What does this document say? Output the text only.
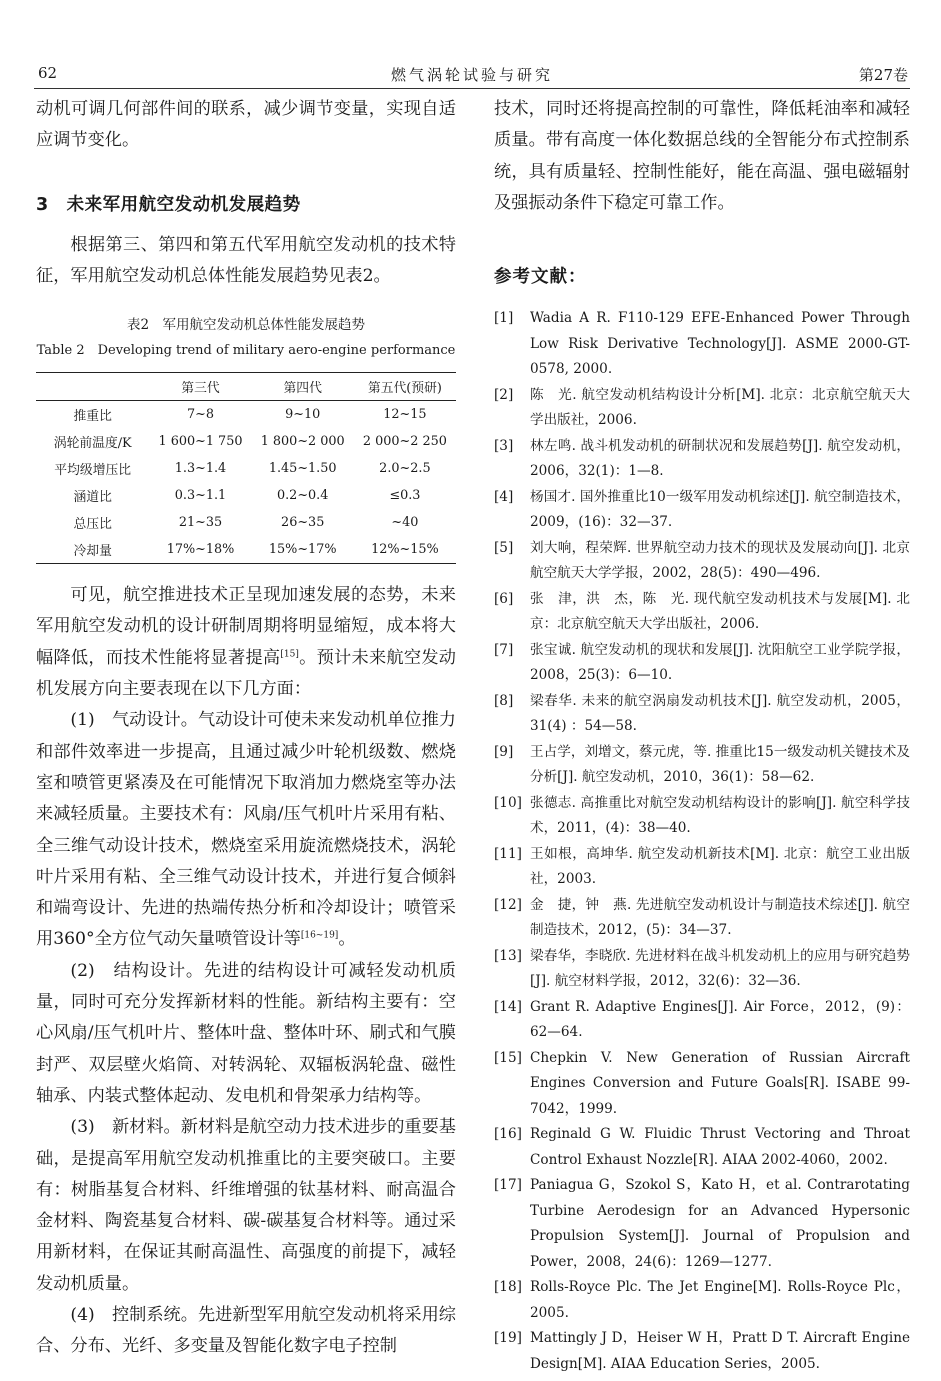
62	燃气涡轮试验与研究	第27卷

动机可调几何部件间的联系，减少调节变量，实现自适应调节变化。

3　未来军用航空发动机发展趋势

根据第三、第四和第五代军用航空发动机的技术特征，军用航空发动机总体性能发展趋势见表2。

表2　军用航空发动机总体性能发展趋势
Table 2　Developing trend of military aero-engine performance
	第三代	第四代	第五代(预研)
推重比	7~8	9~10	12~15
涡轮前温度/K	1 600~1 750	1 800~2 000	2 000~2 250
平均级增压比	1.3~1.4	1.45~1.50	2.0~2.5
涵道比	0.3~1.1	0.2~0.4	≤0.3
总压比	21~35	26~35	~40
冷却量	17%~18%	15%~17%	12%~15%

可见，航空推进技术正呈现加速发展的态势，未来军用航空发动机的设计研制周期将明显缩短，成本将大幅降低，而技术性能将显著提高[15]。预计未来航空发动机发展方向主要表现在以下几方面：

(1)　气动设计。气动设计可使未来发动机单位推力和部件效率进一步提高，且通过减少叶轮机级数、燃烧室和喷管更紧凑及在可能情况下取消加力燃烧室等办法来减轻质量。主要技术有：风扇/压气机叶片采用有粘、全三维气动设计技术，燃烧室采用旋流燃烧技术，涡轮叶片采用有粘、全三维气动设计技术，并进行复合倾斜和端弯设计、先进的热端传热分析和冷却设计；喷管采用360°全方位气动矢量喷管设计等[16~19]。

(2)　结构设计。先进的结构设计可减轻发动机质量，同时可充分发挥新材料的性能。新结构主要有：空心风扇/压气机叶片、整体叶盘、整体叶环、刷式和气膜封严、双层壁火焰筒、对转涡轮、双辐板涡轮盘、磁性轴承、内装式整体起动、发电机和骨架承力结构等。

(3)　新材料。新材料是航空动力技术进步的重要基础，是提高军用航空发动机推重比的主要突破口。主要有：树脂基复合材料、纤维增强的钛基材料、耐高温合金材料、陶瓷基复合材料、碳-碳基复合材料等。通过采用新材料，在保证其耐高温性、高强度的前提下，减轻发动机质量。

(4)　控制系统。先进新型军用航空发动机将采用综合、分布、光纤、多变量及智能化数字电子控制

技术，同时还将提高控制的可靠性，降低耗油率和减轻质量。带有高度一体化数据总线的全智能分布式控制系统，具有质量轻、控制性能好，能在高温、强电磁辐射及强振动条件下稳定可靠工作。

参考文献：
[1]	Wadia A R. F110-129 EFE-Enhanced Power Through Low Risk Derivative Technology[J]. ASME 2000-GT-0578, 2000.
[2]	陈　光. 航空发动机结构设计分析[M]. 北京：北京航空航天大学出版社，2006.
[3]	林左鸣. 战斗机发动机的研制状况和发展趋势[J]. 航空发动机，2006，32(1)：1—8.
[4]	杨国才. 国外推重比10一级军用发动机综述[J]. 航空制造技术，2009，(16)：32—37.
[5]	刘大响，程荣辉. 世界航空动力技术的现状及发展动向[J]. 北京航空航天大学学报，2002，28(5)：490—496.
[6]	张　津，洪　杰，陈　光. 现代航空发动机技术与发展[M]. 北京：北京航空航天大学出版社，2006.
[7]	张宝诚. 航空发动机的现状和发展[J]. 沈阳航空工业学院学报，2008，25(3)：6—10.
[8]	梁春华. 未来的航空涡扇发动机技术[J]. 航空发动机，2005，31(4) ：54—58.
[9]	王占学，刘增文，蔡元虎，等. 推重比15一级发动机关键技术及分析[J]. 航空发动机，2010，36(1)：58—62.
[10] 张德志. 高推重比对航空发动机结构设计的影响[J]. 航空科学技术，2011，(4)：38—40.
[11] 王如根，高坤华. 航空发动机新技术[M]. 北京：航空工业出版社，2003.
[12] 金　捷，钟　燕. 先进航空发动机设计与制造技术综述[J]. 航空制造技术，2012，(5)：34—37.
[13] 梁春华，李晓欣. 先进材料在战斗机发动机上的应用与研究趋势[J]. 航空材料学报，2012，32(6)：32—36.
[14] Grant R. Adaptive Engines[J]. Air Force，2012，(9)：62—64.
[15] Chepkin V. New Generation of Russian Aircraft Engines Conversion and Future Goals[R]. ISABE 99-7042，1999.
[16] Reginald G W. Fluidic Thrust Vectoring and Throat Control Exhaust Nozzle[R]. AIAA 2002-4060，2002.
[17] Paniagua G，Szokol S，Kato H，et al. Contrarotating Turbine Aerodesign for an Advanced Hypersonic Propulsion System[J]. Journal of Propulsion and Power，2008，24(6)：1269—1277.
[18] Rolls-Royce Plc. The Jet Engine[M]. Rolls-Royce Plc，2005.
[19] Mattingly J D，Heiser W H，Pratt D T. Aircraft Engine Design[M]. AIAA Education Series，2005.
